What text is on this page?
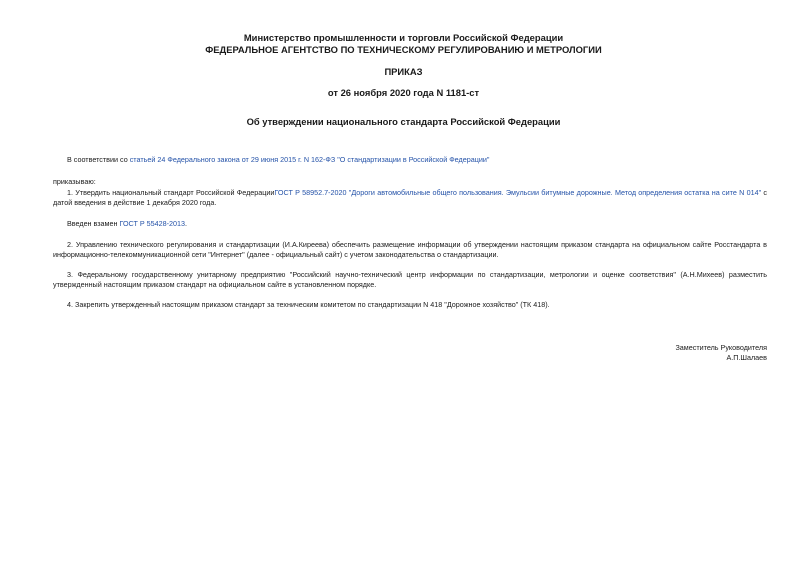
Министерство промышленности и торговли Российской Федерации
ФЕДЕРАЛЬНОЕ АГЕНТСТВО ПО ТЕХНИЧЕСКОМУ РЕГУЛИРОВАНИЮ И МЕТРОЛОГИИ
ПРИКАЗ
от 26 ноября 2020 года N 1181-ст
Об утверждении национального стандарта Российской Федерации
В соответствии со статьей 24 Федерального закона от 29 июня 2015 г. N 162-ФЗ "О стандартизации в Российской Федерации"
приказываю:
1. Утвердить национальный стандарт Российской ФедерацииГОСТ Р 58952.7-2020 "Дороги автомобильные общего пользования. Эмульсии битумные дорожные. Метод определения остатка на сите N 014" с датой введения в действие 1 декабря 2020 года.
Введен взамен ГОСТ Р 55428-2013.
2. Управлению технического регулирования и стандартизации (И.А.Киреева) обеспечить размещение информации об утверждении настоящим приказом стандарта на официальном сайте Росстандарта в информационно-телекоммуникационной сети "Интернет" (далее - официальный сайт) с учетом законодательства о стандартизации.
3. Федеральному государственному унитарному предприятию "Российский научно-технический центр информации по стандартизации, метрологии и оценке соответствия" (А.Н.Михеев) разместить утвержденный настоящим приказом стандарт на официальном сайте в установленном порядке.
4. Закрепить утвержденный настоящим приказом стандарт за техническим комитетом по стандартизации N 418 "Дорожное хозяйство" (ТК 418).
Заместитель Руководителя
А.П.Шалаев
